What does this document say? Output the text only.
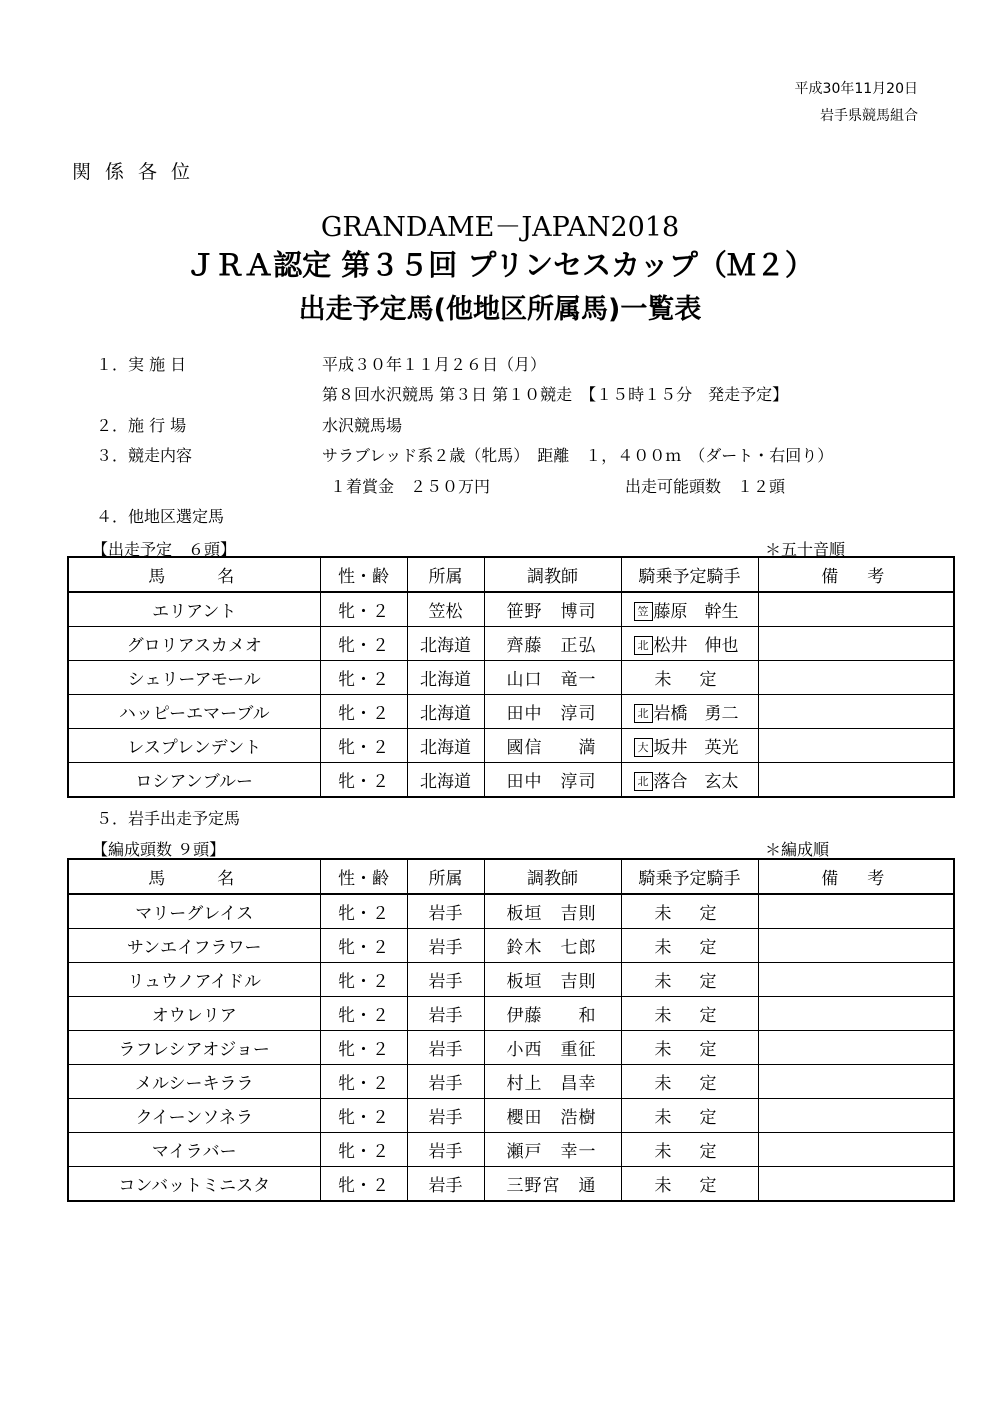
平成30年11月20日
岩手県競馬組合
関係各位
GRANDAME－JAPAN2018
ＪＲＡ認定 第３５回 プリンセスカップ（Ｍ２）
出走予定馬(他地区所属馬)一覧表
１．実 施 日	平成３０年１１月２６日（月）
第８回水沢競馬 第３日 第１０競走　【１５時１５分　発走予定】
２．施 行 場	水沢競馬場
３．競走内容	サラブレッド系２歳（牝馬）　距離　１，４００ｍ　（ダート・右回り）
１着賞金　２５０万円	出走可能頭数　１２頭
４．他地区選定馬
【出走予定　６頭】	＊五十音順
馬　　名	性・齢	所属	調教師	騎乗予定騎手	備　考
エリアント	牝・２	笠松	笹野　博司	笠 藤原　幹生	
グロリアスカメオ	牝・２	北海道	齊藤　正弘	北 松井　伸也	
シェリーアモール	牝・２	北海道	山口　竜一	未定	
ハッピーエマーブル	牝・２	北海道	田中　淳司	北 岩橋　勇二	
レスプレンデント	牝・２	北海道	國信　　満	大 坂井　英光	
ロシアンブルー	牝・２	北海道	田中　淳司	北 落合　玄太	
５．岩手出走予定馬
【編成頭数 ９頭】	＊編成順
馬　　名	性・齢	所属	調教師	騎乗予定騎手	備　考
マリーグレイス	牝・２	岩手	板垣　吉則	未定	
サンエイフラワー	牝・２	岩手	鈴木　七郎	未定	
リュウノアイドル	牝・２	岩手	板垣　吉則	未定	
オウレリア	牝・２	岩手	伊藤　　和	未定	
ラフレシアオジョー	牝・２	岩手	小西　重征	未定	
メルシーキララ	牝・２	岩手	村上　昌幸	未定	
クイーンソネラ	牝・２	岩手	櫻田　浩樹	未定	
マイラバー	牝・２	岩手	瀬戸　幸一	未定	
コンバットミニスタ	牝・２	岩手	三野宮　通	未定	
